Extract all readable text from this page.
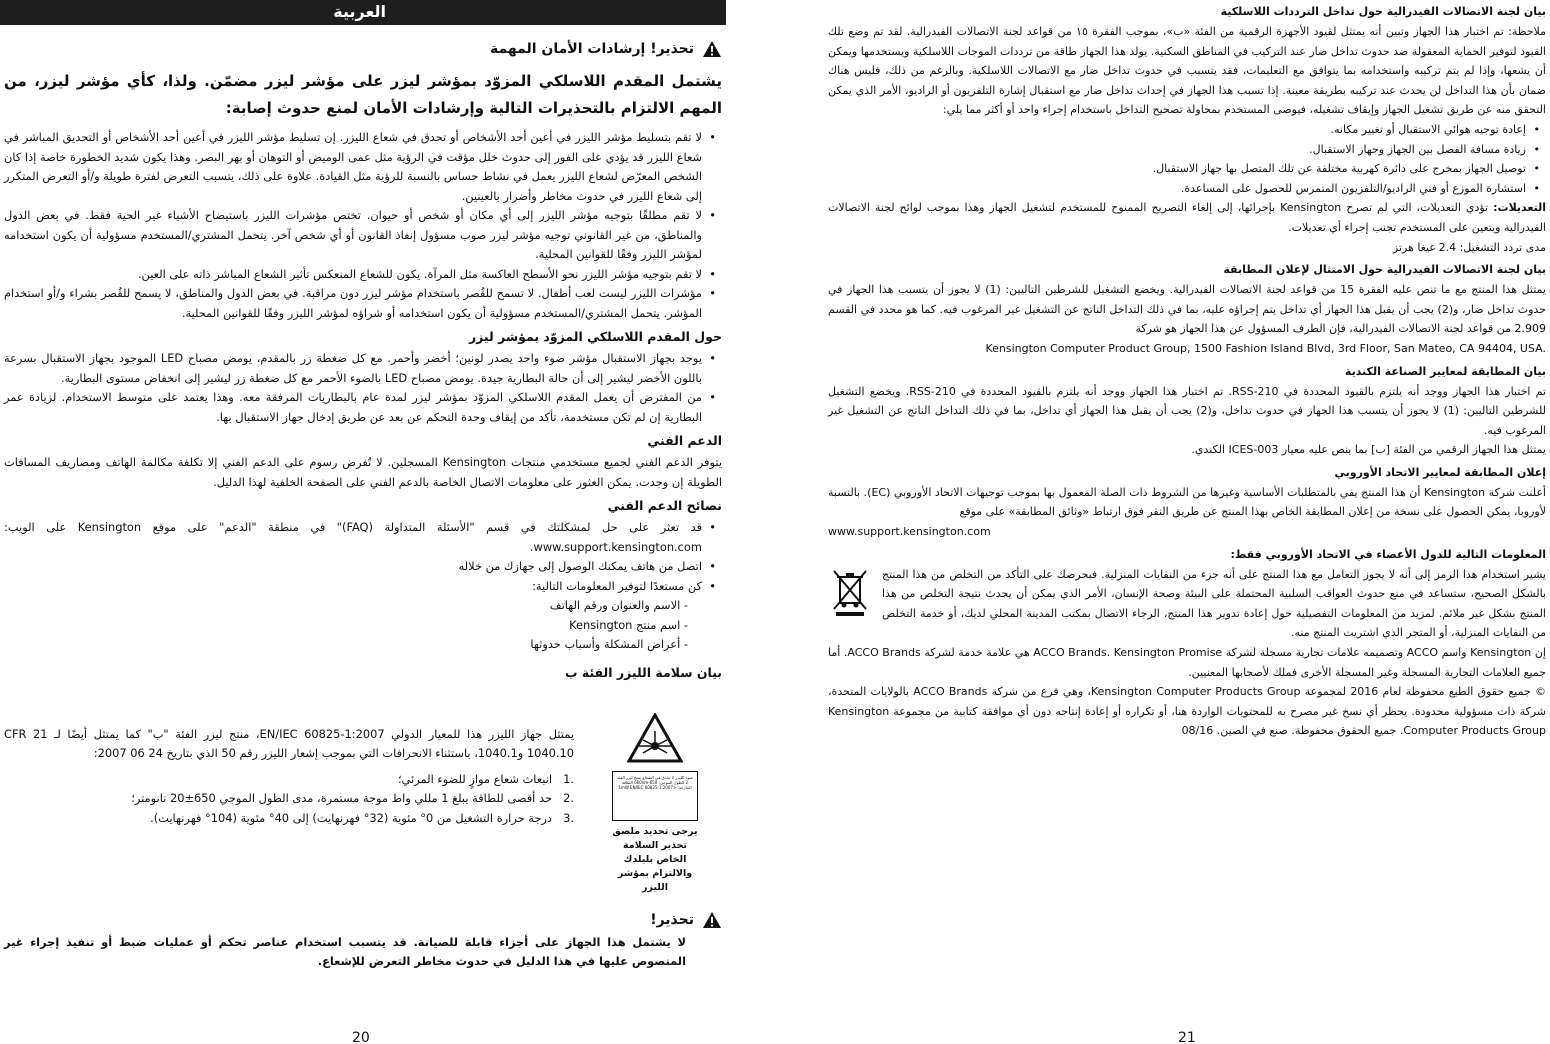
العربية
تحذير! إرشادات الأمان المهمة
يشتمل المقدم اللاسلكي المزوّد بمؤشر ليزر على مؤشر ليزر مضمّن. ولذا، كأي مؤشر ليزر، من المهم الالتزام بالتحذيرات التالية وإرشادات الأمان لمنع حدوث إصابة:
• لا تقم بتسليط مؤشر الليزر في أعين أحد الأشخاص أو تحدق في شعاع الليزر. إن تسليط مؤشر الليزر في أعين أحد الأشخاص أو التحديق المباشر في شعاع الليزر قد يؤدي على الفور إلى حدوث خلل مؤقت في الرؤية مثل عمى الوميض أو التوهان أو بهر البصر. وهذا يكون شديد الخطورة خاصة إذا كان الشخص المعرّض لشعاع الليزر يعمل في نشاط حساس بالنسبة للرؤية مثل القيادة. علاوة على ذلك، يتسبب التعرض لفترة طويلة و/أو التعرض المتكرر إلى شعاع الليزر في حدوث مخاطر وأضرار بالعينين.
• لا تقم مطلقًا بتوجيه مؤشر الليزر إلى أي مكان أو شخص أو حيوان. تختص مؤشرات الليزر باستيضاح الأشياء غير الحية فقط. في بعض الدول والمناطق، من غير القانوني توجيه مؤشر ليزر صوب مسؤول إنفاذ القانون أو أي شخص آخر. يتحمل المشتري/المستخدم مسؤولية أن يكون استخدامه لمؤشر الليزر وفقًا للقوانين المحلية.
• لا تقم بتوجيه مؤشر الليزر نحو الأسطح العاكسة مثل المرآة. يكون للشعاع المنعكس تأثير الشعاع المباشر ذاته على العين.
• مؤشرات الليزر ليست لعب أطفال. لا تسمح للقُصر باستخدام مؤشر ليزر دون مراقبة. في بعض الدول والمناطق، لا يسمح للقُصر بشراء و/أو استخدام المؤشر. يتحمل المشتري/المستخدم مسؤولية أن يكون استخدامه أو شراؤه لمؤشر الليزر وفقًا للقوانين المحلية.
حول المقدم اللاسلكي المزوّد بمؤشر ليزر
• يوجد بجهاز الاستقبال مؤشر ضوء واحد يصدر لونين؛ أخضر وأحمر. مع كل ضغطة زر بالمقدم، يومض مصباح LED الموجود بجهاز الاستقبال بسرعة باللون الأخضر ليشير إلى أن حالة البطارية جيدة. يومض مصباح LED بالضوء الأحمر مع كل ضغطة زر ليشير إلى انخفاض مستوى البطارية.
• من المفترض أن يعمل المقدم اللاسلكي المزوّد بمؤشر ليزر لمدة عام بالبطاريات المرفقة معه. وهذا يعتمد على متوسط الاستخدام. لزيادة عمر البطارية إن لم تكن مستخدمة، تأكد من إيقاف وحدة التحكم عن بعد عن طريق إدخال جهاز الاستقبال بها.
الدعم الفني

يتوفر الدعم الفني لجميع مستخدمي منتجات Kensington المسجلين. لا تُفرض رسوم على الدعم الفني إلا تكلفة مكالمة الهاتف ومصاريف المسافات الطويلة إن وجدت. يمكن العثور على معلومات الاتصال الخاصة بالدعم الفني على الصفحة الخلفية لهذا الدليل.

نصائح الدعم الفني
• قد تعثر على حل لمشكلتك في قسم "الأسئلة المتداولة (FAQ)" في منطقة "الدعم" على موقع Kensington على الويب: www.support.kensington.com.
• اتصل من هاتف يمكنك الوصول إلى جهازك من خلاله
• كن مستعدًا لتوفير المعلومات التالية:
- الاسم والعنوان ورقم الهاتف
- اسم منتج Kensington
- أعراض المشكلة وأسباب حدوثها
بيان سلامة الليزر الفئة ب
ضوء الليزر لا تحدق في الشعاع منتج ليزر الفئة 2 الطول الموجي: 650-660nm الطاقة الخارجة: <1mW EN/IEC 60825-1:2007
يرجى تحديد ملصق تحذير السلامة الخاص بليلدك والالتزام بمؤشر الليزر

يمتثل جهاز الليزر هذا للمعيار الدولي EN/IEC 60825-1:2007، منتج ليزر الفئة "ب" كما يمتثل أيضًا لـ 21 CFR 1040.10 و1040.1، باستثناء الانحرافات التي بموجب إشعار الليزر رقم 50 الذي بتاريخ 24 06 2007:

.1
انبعاث شعاع موازٍ للضوء المرئي؛
.2
حد أقصى للطاقة يبلغ 1 مللي واط موجة مستمرة، مدى الطول الموجي 650±20 نانومتر؛
.3
درجة حرارة التشغيل من 0° مئوية (32° فهرنهايت) إلى 40° مئوية (104° فهرنهايت).
تحذير!

لا يشتمل هذا الجهاز على أجزاء قابلة للصيانة. قد يتسبب استخدام عناصر تحكم أو عمليات ضبط أو تنفيذ إجراء غير المنصوص عليها في هذا الدليل في حدوث مخاطر التعرض للإشعاع.

20
بيان لجنة الاتصالات الفيدرالية حول تداخل الترددات اللاسلكية

ملاحظة: تم اختبار هذا الجهاز وتبين أنه يمتثل لقيود الأجهزة الرقمية من الفئة «ب»، بموجب الفقرة ١٥ من قواعد لجنة الاتصالات الفيدرالية. لقد تم وضع تلك القيود لتوفير الحماية المعقولة ضد حدوث تداخل ضار عند التركيب في المناطق السكنية. يولد هذا الجهاز طاقة من ترددات الموجات اللاسلكية ويستخدمها ويمكن أن يشعها، وإذا لم يتم تركيبه واستخدامه بما يتوافق مع التعليمات، فقد يتسبب في حدوث تداخل ضار مع الاتصالات اللاسلكية. وبالرغم من ذلك، فليس هناك ضمان بأن هذا التداخل لن يحدث عند تركيبه بطريقة معينة. إذا تسبب هذا الجهاز في إحداث تداخل ضار مع استقبال إشارة التلفزيون أو الراديو، الأمر الذي يمكن التحقق منه عن طريق تشغيل الجهاز وإيقاف تشغيله، فيوصى المستخدم بمحاولة تصحيح التداخل باستخدام إجراء واحد أو أكثر مما يلي:

• إعادة توجيه هوائي الاستقبال أو تغيير مكانه.
• زيادة مسافة الفصل بين الجهاز وجهاز الاستقبال.
• توصيل الجهاز بمخرج على دائرة كهربية مختلفة عن تلك المتصل بها جهاز الاستقبال.
• استشارة الموزع أو فني الراديو/التلفزيون المتمرس للحصول على المساعدة.

التعديلات: تؤدي التعديلات، التي لم تصرح Kensington بإجرائها، إلى إلغاء التصريح الممنوح للمستخدم لتشغيل الجهاز وهذا بموجب لوائح لجنة الاتصالات الفيدرالية ويتعين على المستخدم تجنب إجراء أي تعديلات.

مدى تردد التشغيل: 2.4 غيغا هرتز

بيان لجنة الاتصالات الفيدرالية حول الامتثال لإعلان المطابقة

يمتثل هذا المنتج مع ما تنص عليه الفقرة 15 من قواعد لجنة الاتصالات الفيدرالية. ويخضع التشغيل للشرطين التاليين: (1) لا يجوز أن يتسبب هذا الجهاز في حدوث تداخل ضار، و(2) يجب أن يقبل هذا الجهاز أي تداخل يتم إجراؤه عليه، بما في ذلك التداخل الناتج عن التشغيل غير المرغوب فيه. كما هو محدد في القسم 2.909 من قواعد لجنة الاتصالات الفيدرالية، فإن الطرف المسؤول عن هذا الجهاز هو شركة

Kensington Computer Product Group, 1500 Fashion Island Blvd, 3rd Floor, San Mateo, CA 94404, USA.

بيان المطابقة لمعايير الصناعة الكندية

تم اختبار هذا الجهاز ووجد أنه يلتزم بالقيود المحددة في RSS-210. تم اختبار هذا الجهاز ووجد أنه يلتزم بالقيود المحددة في RSS-210. ويخضع التشغيل للشرطين التاليين: (1) لا يجوز أن يتسبب هذا الجهاز في حدوث تداخل، و(2) يجب أن يقبل هذا الجهاز أي تداخل، بما في ذلك التداخل الناتج عن التشغيل غير المرغوب فيه.

يمتثل هذا الجهاز الرقمي من الفئة [ب] بما ينص عليه معيار ICES-003 الكندي.

إعلان المطابقة لمعايير الاتحاد الأوروبي

أعلنت شركة Kensington أن هذا المنتج يفي بالمتطلبات الأساسية وغيرها من الشروط ذات الصلة المعمول بها بموجب توجيهات الاتحاد الأوروبي (EC). بالنسبة لأوروبا، يمكن الحصول على نسخة من إعلان المطابقة الخاص بهذا المنتج عن طريق النقر فوق ارتباط «وثائق المطابقة» على موقع

www.support.kensington.com

المعلومات التالية للدول الأعضاء في الاتحاد الأوروبي فقط:

يشير استخدام هذا الرمز إلى أنه لا يجوز التعامل مع هذا المنتج على أنه جزء من النفايات المنزلية. فبحرصك على التأكد من التخلص من هذا المنتج بالشكل الصحيح، ستساعد في منع حدوث العواقب السلبية المحتملة على البيئة وصحة الإنسان، الأمر الذي يمكن أن يحدث نتيجة التخلص من هذا المنتج بشكل غير ملائم. لمزيد من المعلومات التفصيلية حول إعادة تدوير هذا المنتج، الرجاء الاتصال بمكتب المدينة المحلي لديك، أو خدمة التخلص من النفايات المنزلية، أو المتجر الذي اشتريت المنتج منه.

إن Kensington واسم ACCO وتصميمه علامات تجارية مسجلة لشركة ACCO Brands. Kensington Promise هي علامة خدمة لشركة ACCO Brands. أما جميع العلامات التجارية المسجلة وغير المسجلة الأخرى فملك لأصحابها المعنيين.

© جميع حقوق الطبع محفوظة لعام 2016 لمجموعة Kensington Computer Products Group، وهي فرع من شركة ACCO Brands بالولايات المتحدة، شركة ذات مسؤولية محدودة. يحظر أي نسخ غير مصرح به للمحتويات الواردة هنا، أو تكراره أو إعادة إنتاجه دون أي موافقة كتابية من مجموعة Kensington Computer Products Group. جميع الحقوق محفوظة. صنع في الصين. 08/16

21
